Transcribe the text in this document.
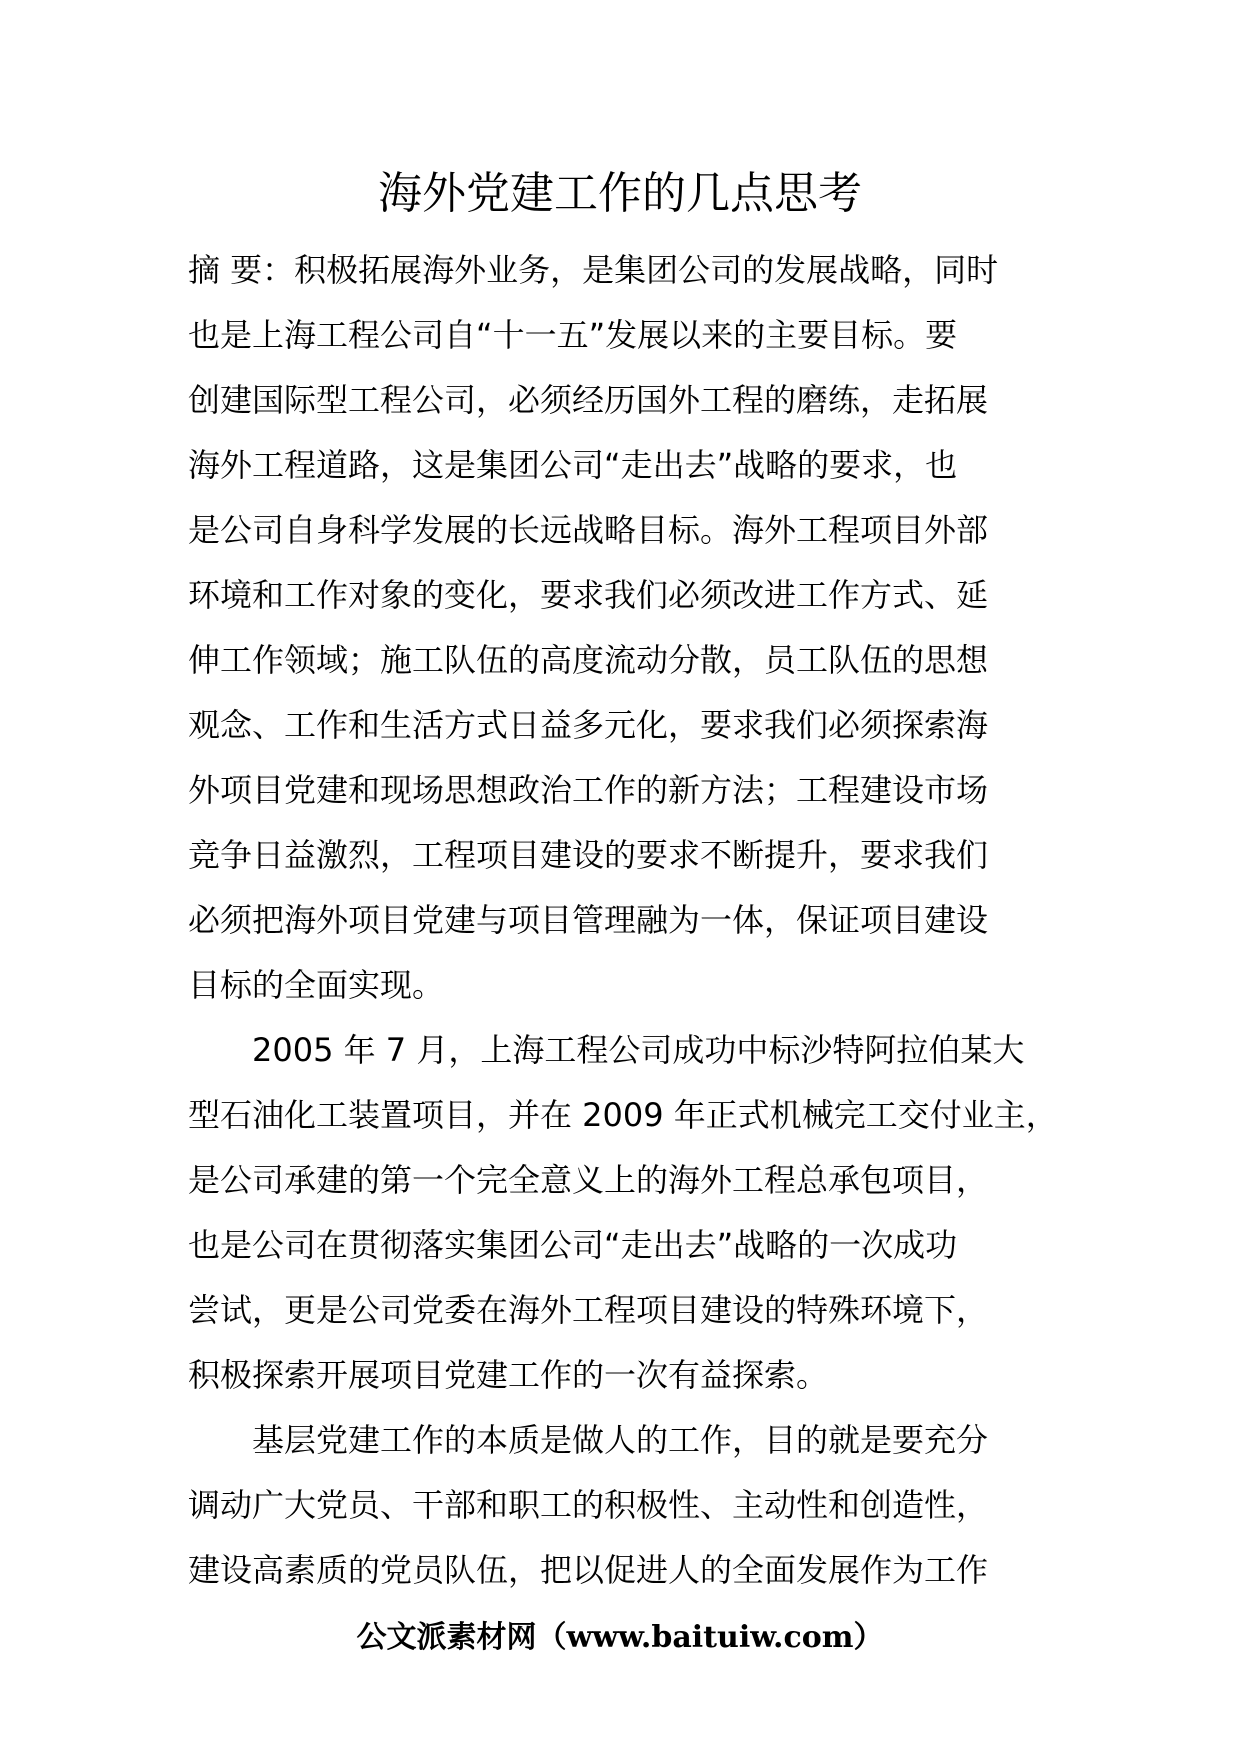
海外党建工作的几点思考
摘 要：积极拓展海外业务，是集团公司的发展战略，同时
也是上海工程公司自“十一五”发展以来的主要目标。要
创建国际型工程公司，必须经历国外工程的磨练，走拓展
海外工程道路，这是集团公司“走出去”战略的要求，也
是公司自身科学发展的长远战略目标。海外工程项目外部
环境和工作对象的变化，要求我们必须改进工作方式、延
伸工作领域；施工队伍的高度流动分散，员工队伍的思想
观念、工作和生活方式日益多元化，要求我们必须探索海
外项目党建和现场思想政治工作的新方法；工程建设市场
竞争日益激烈，工程项目建设的要求不断提升，要求我们
必须把海外项目党建与项目管理融为一体，保证项目建设
目标的全面实现。
　　2005 年 7 月，上海工程公司成功中标沙特阿拉伯某大
型石油化工装置项目，并在 2009 年正式机械完工交付业主，
是公司承建的第一个完全意义上的海外工程总承包项目，
也是公司在贯彻落实集团公司“走出去”战略的一次成功
尝试，更是公司党委在海外工程项目建设的特殊环境下，
积极探索开展项目党建工作的一次有益探索。
　　基层党建工作的本质是做人的工作，目的就是要充分
调动广大党员、干部和职工的积极性、主动性和创造性，
建设高素质的党员队伍，把以促进人的全面发展作为工作
公文派素材网（www.baituiw.com）
